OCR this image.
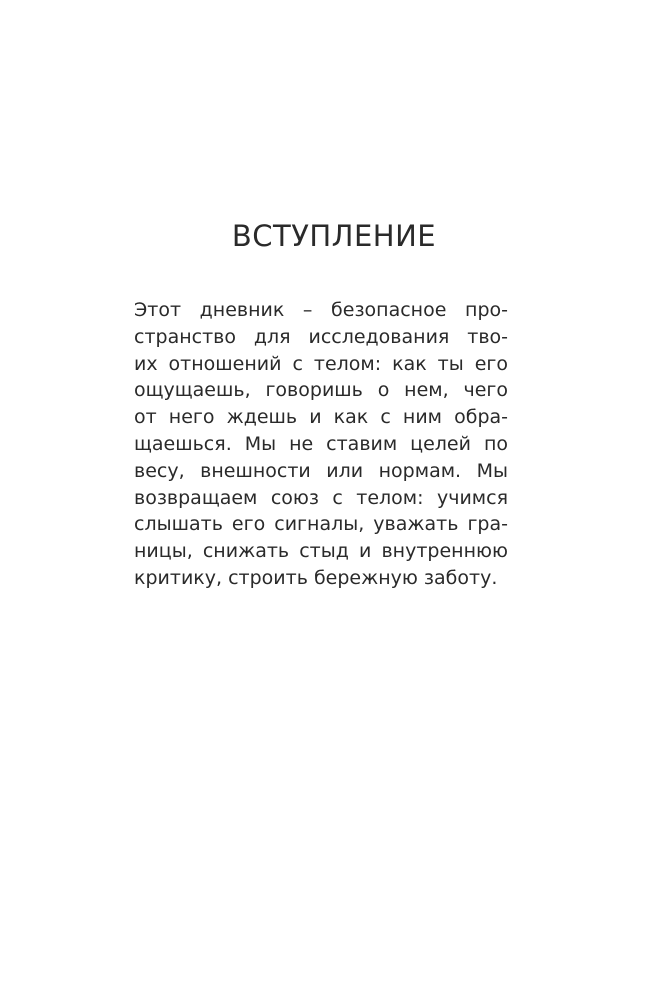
ВСТУПЛЕНИЕ
Этот дневник – безопасное про-
странство для исследования тво-
их отношений с телом: как ты его
ощущаешь, говоришь о нем, чего
от него ждешь и как с ним обра-
щаешься. Мы не ставим целей по
весу, внешности или нормам. Мы
возвращаем союз с телом: учимся
слышать его сигналы, уважать гра-
ницы, снижать стыд и внутреннюю
критику, строить бережную заботу.
